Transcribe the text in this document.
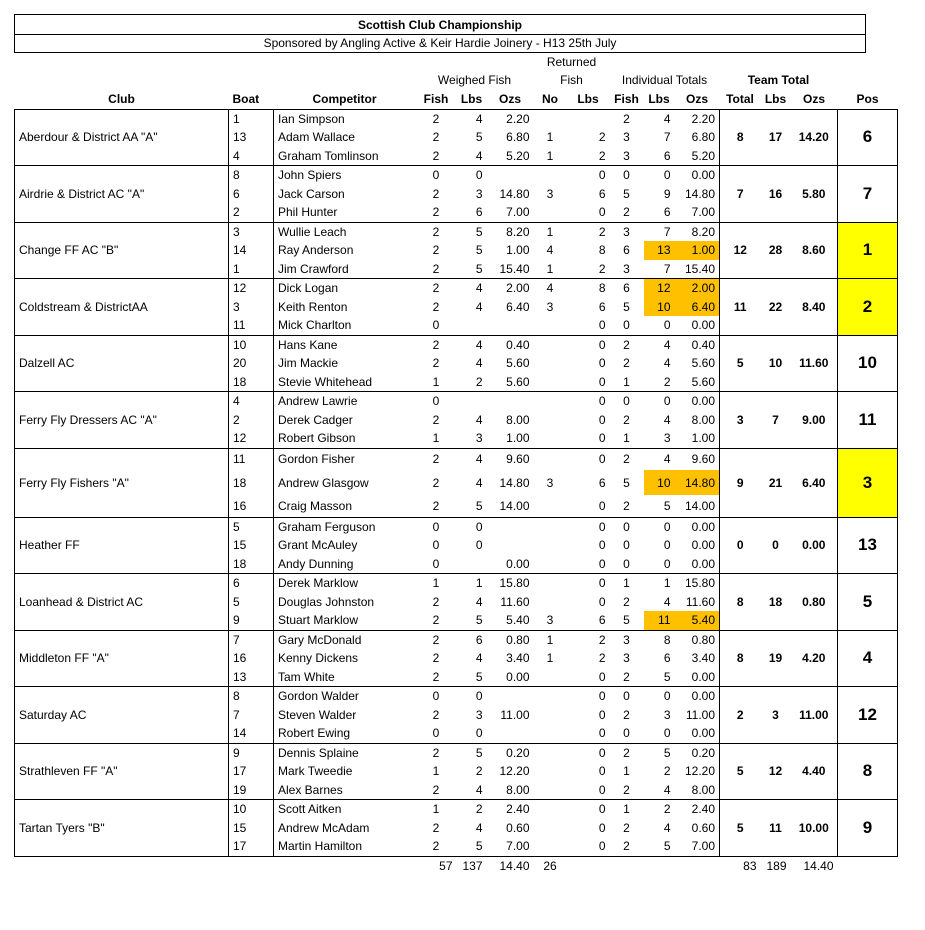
Scottish Club Championship
Sponsored by Angling Active & Keir Hardie Joinery - H13 25th July
						Returned								
			Weighed Fish			Fish		Individual Totals			Team Total			
Club	Boat	Competitor	Fish	Lbs	Ozs	No	Lbs	Fish	Lbs	Ozs	Total	Lbs	Ozs	Pos
Aberdour & District AA "A"	1	Ian Simpson	2	4	2.20			2	4	2.20	8	17	14.20	6
	13	Adam Wallace	2	5	6.80	1	2	3	7	6.80				
	4	Graham Tomlinson	2	4	5.20	1	2	3	6	5.20				
Airdrie & District AC "A"	8	John Spiers	0	0			0	0	0	0.00	7	16	5.80	7
	6	Jack Carson	2	3	14.80	3	6	5	9	14.80				
	2	Phil Hunter	2	6	7.00		0	2	6	7.00				
Change FF AC "B"	3	Wullie Leach	2	5	8.20	1	2	3	7	8.20	12	28	8.60	1
	14	Ray Anderson	2	5	1.00	4	8	6	13	1.00				
	1	Jim Crawford	2	5	15.40	1	2	3	7	15.40				
Coldstream & DistrictAA	12	Dick Logan	2	4	2.00	4	8	6	12	2.00	11	22	8.40	2
	3	Keith Renton	2	4	6.40	3	6	5	10	6.40				
	11	Mick Charlton	0				0	0	0	0.00				
Dalzell AC	10	Hans Kane	2	4	0.40		0	2	4	0.40	5	10	11.60	10
	20	Jim Mackie	2	4	5.60		0	2	4	5.60				
	18	Stevie Whitehead	1	2	5.60		0	1	2	5.60				
Ferry Fly Dressers AC "A"	4	Andrew Lawrie	0				0	0	0	0.00	3	7	9.00	11
	2	Derek Cadger	2	4	8.00		0	2	4	8.00				
	12	Robert Gibson	1	3	1.00		0	1	3	1.00				
Ferry Fly Fishers "A"	11	Gordon Fisher	2	4	9.60		0	2	4	9.60	9	21	6.40	3
	18	Andrew Glasgow	2	4	14.80	3	6	5	10	14.80				
	16	Craig Masson	2	5	14.00		0	2	5	14.00				
Heather FF	5	Graham Ferguson	0	0			0	0	0	0.00	0	0	0.00	13
	15	Grant McAuley	0	0			0	0	0	0.00				
	18	Andy Dunning	0		0.00		0	0	0	0.00				
Loanhead & District AC	6	Derek Marklow	1	1	15.80		0	1	1	15.80	8	18	0.80	5
	5	Douglas Johnston	2	4	11.60		0	2	4	11.60				
	9	Stuart Marklow	2	5	5.40	3	6	5	11	5.40				
Middleton FF "A"	7	Gary McDonald	2	6	0.80	1	2	3	8	0.80	8	19	4.20	4
	16	Kenny Dickens	2	4	3.40	1	2	3	6	3.40				
	13	Tam White	2	5	0.00		0	2	5	0.00				
Saturday AC	8	Gordon Walder	0	0			0	0	0	0.00	2	3	11.00	12
	7	Steven Walder	2	3	11.00		0	2	3	11.00				
	14	Robert Ewing	0	0			0	0	0	0.00				
Strathleven FF "A"	9	Dennis Splaine	2	5	0.20		0	2	5	0.20	5	12	4.40	8
	17	Mark Tweedie	1	2	12.20		0	1	2	12.20				
	19	Alex Barnes	2	4	8.00		0	2	4	8.00				
Tartan Tyers "B"	10	Scott Aitken	1	2	2.40		0	1	2	2.40	5	11	10.00	9
	15	Andrew McAdam	2	4	0.60		0	2	4	0.60				
	17	Martin Hamilton	2	5	7.00		0	2	5	7.00				
			57	137	14.40	26					83	189	14.40	
